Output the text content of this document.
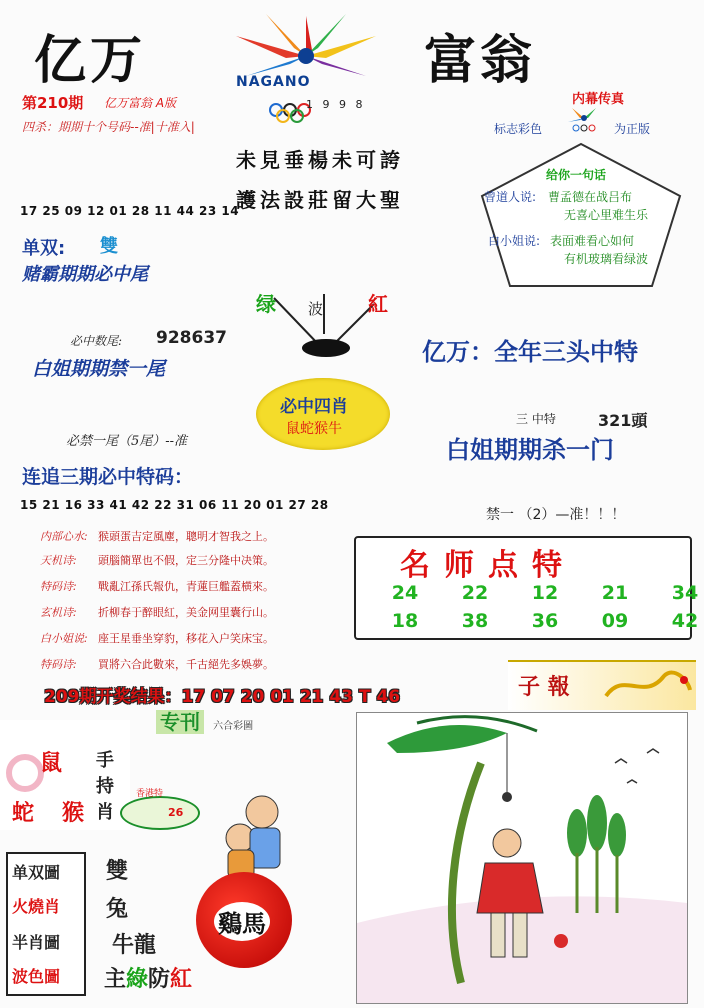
亿万	富翁
NAGANO
1 9 9 8
第210期 亿万富翁 A版
四杀：期期十个号码--准|十准入|
未見垂楊未可誇
護法設莊留大聖
内幕传真
标志彩色	为正版
给你一句话
曾道人说: 曹孟德在战吕布
无喜心里难生乐
白小姐说: 表面难看心如何
有机玻璃看绿波
17 25 09 12 01 28 11 44 23 14
单双: 雙
赌霸期期必中尾
绿 波 紅
必中数尾: 928637
白姐期期禁一尾
亿万：全年三头中特
必中四肖
鼠蛇猴牛
必禁一尾（5尾）--准
三 中特	321頭
白姐期期杀一门
连追三期必中特码：
15 21 16 33 41 42 22 31 06 11 20 01 27 28
禁一 （2）—准！！！
内部心水: 猴頭蛋吉定風塵，聰明才智我之上。
天机诗: 頭腦簡單也不假，定三分隆中决策。
特码诗: 戰亂江孫氏報仇，青蓮巨艦蓋横來。
玄机诗: 折柳春于醉眼紅，美金网里囊行山。
白小姐说: 座王星垂坐穿豹，移花入户笑床宝。
特码诗: 買將六合此數來，千古絕先多娛夢。
名师点特
24	22	12	21	34
18	38	36	09	42
209期开奖结果：17 07 20 01 21 43 T 46	子 報
专刊 六合彩圖
鼠
蛇 猴
手
持
肖
香港特
26
单双圖
火燒肖
半肖圖
波色圖
雙
兔
牛龍
主綠防紅
鷄馬
